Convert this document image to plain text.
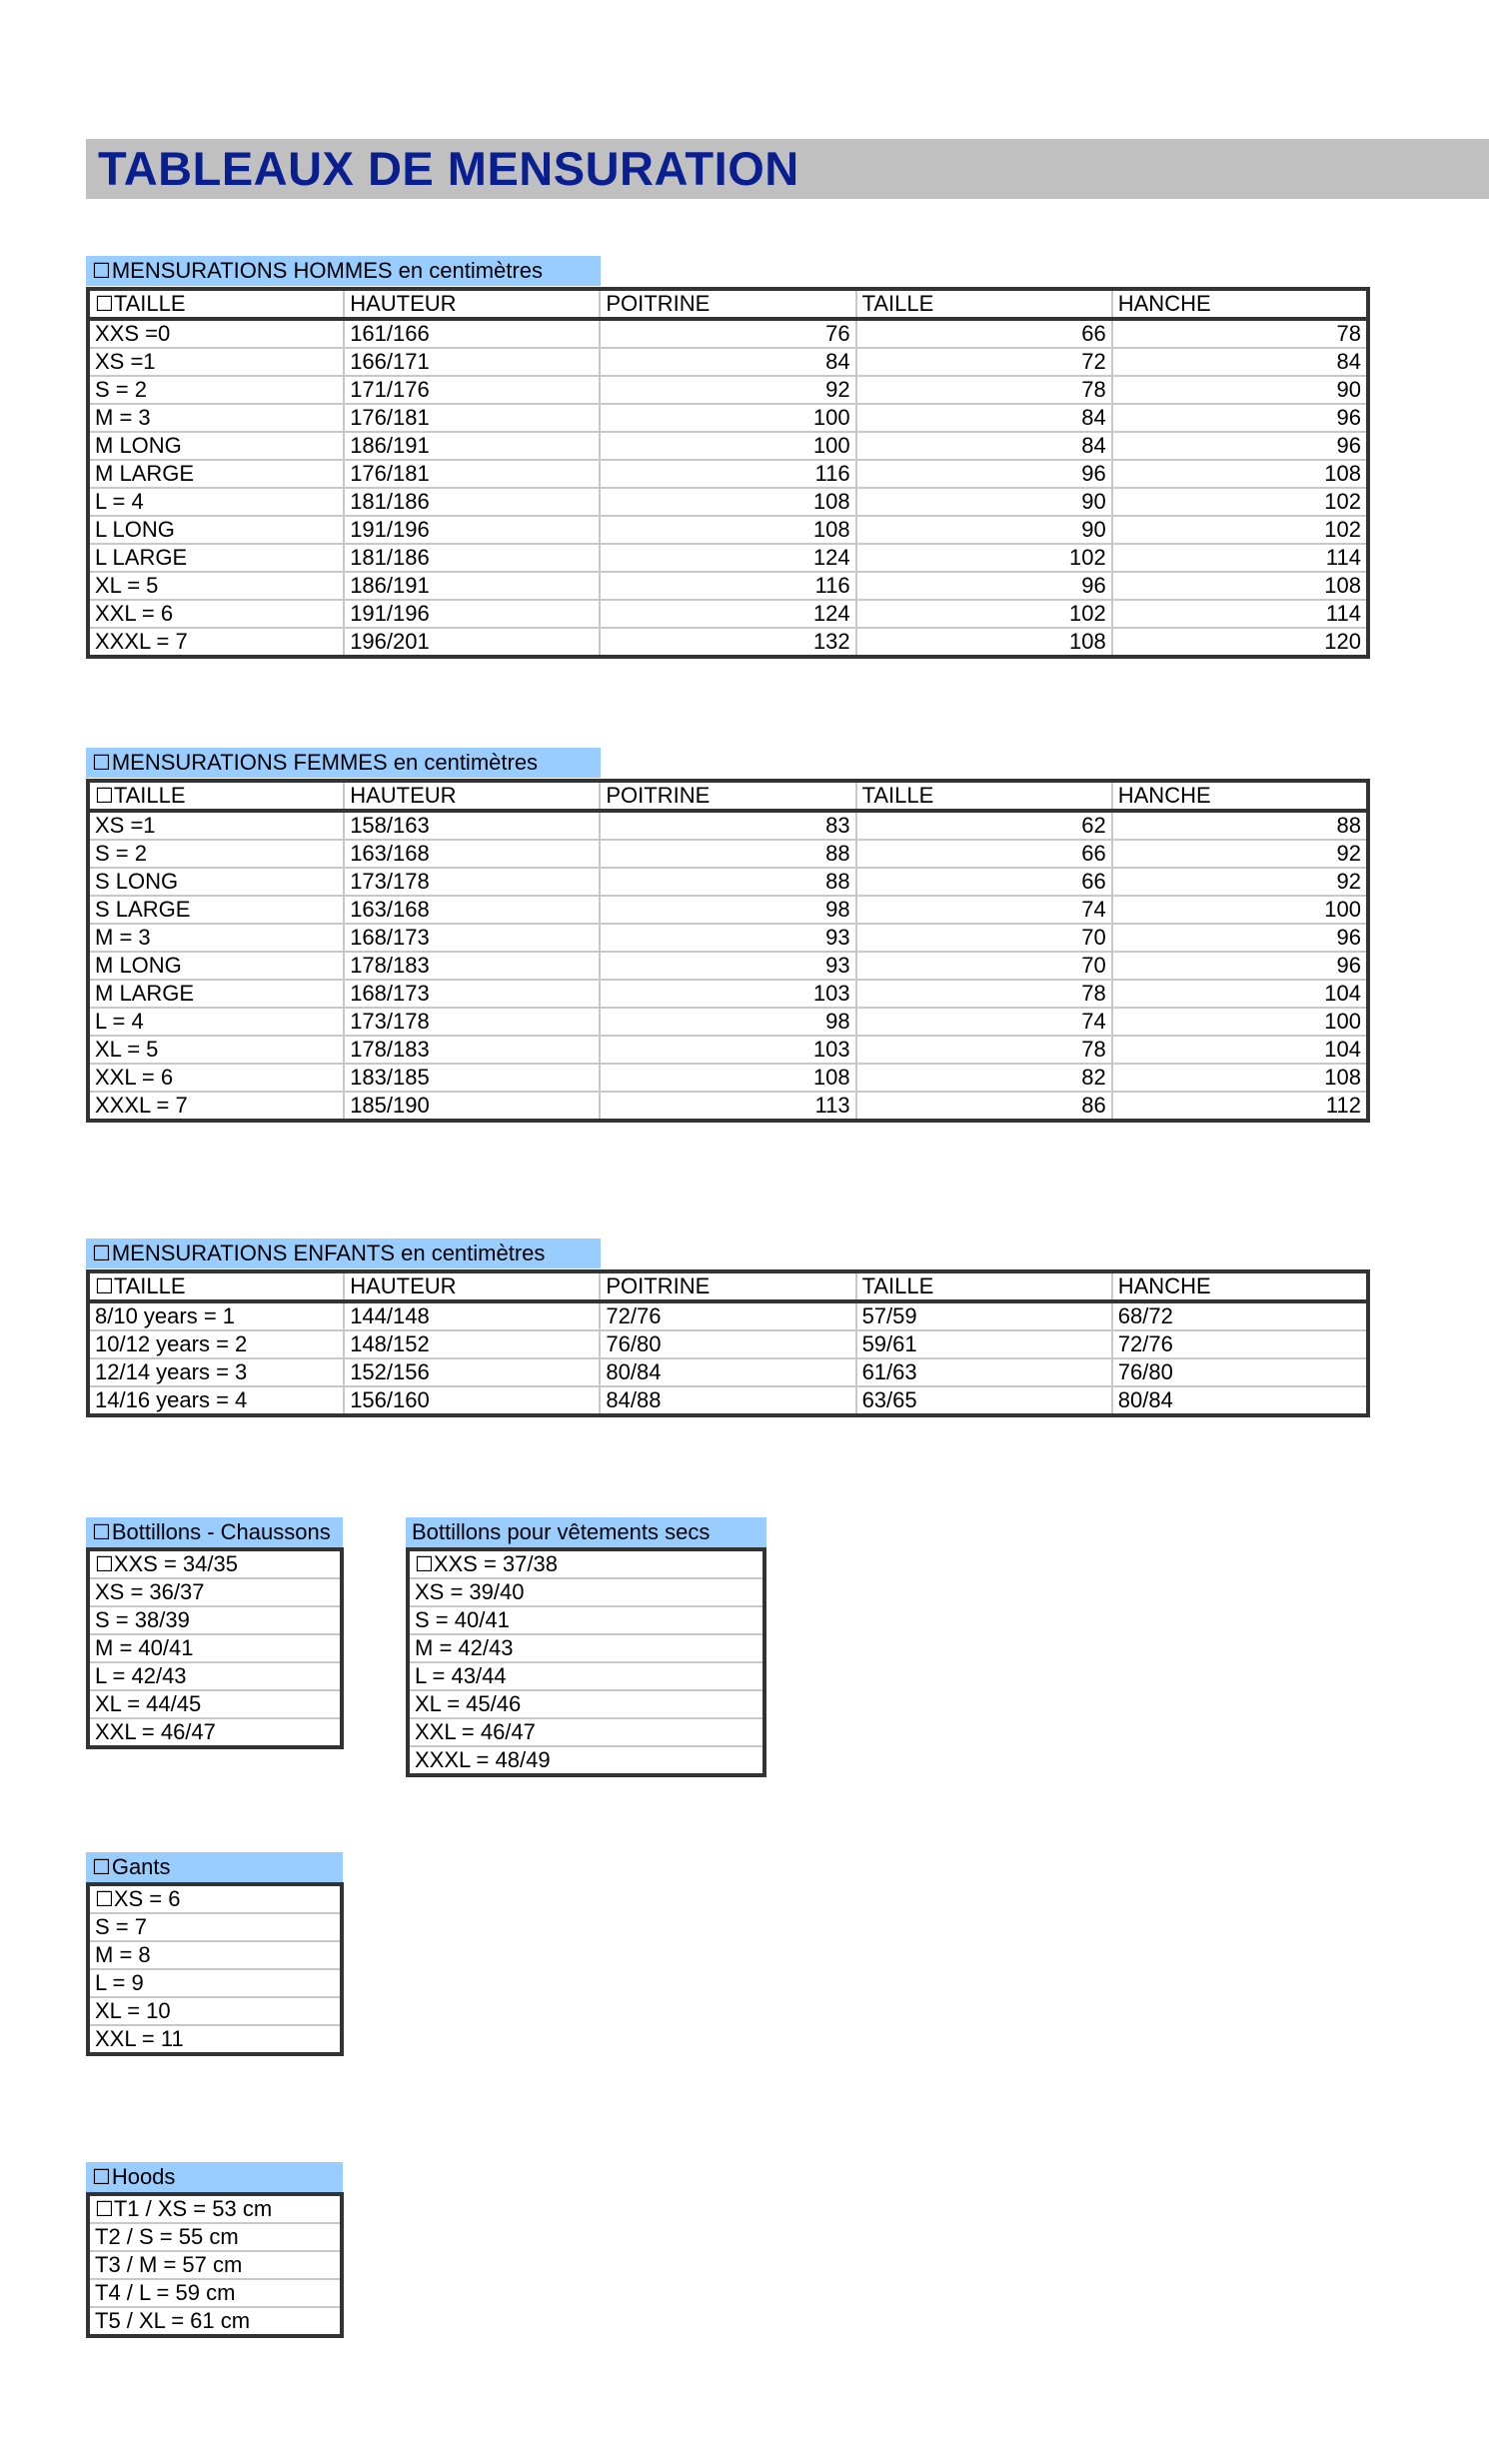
TABLEAUX DE MENSURATION
☐MENSURATIONS HOMMES en centimètres
☐TAILLE	HAUTEUR	POITRINE	TAILLE	HANCHE
XXS =0	161/166	76	66	78
XS =1	166/171	84	72	84
S = 2	171/176	92	78	90
M = 3	176/181	100	84	96
M LONG	186/191	100	84	96
M LARGE	176/181	116	96	108
L = 4	181/186	108	90	102
L LONG	191/196	108	90	102
L LARGE	181/186	124	102	114
XL = 5	186/191	116	96	108
XXL = 6	191/196	124	102	114
XXXL = 7	196/201	132	108	120
☐MENSURATIONS FEMMES en centimètres
☐TAILLE	HAUTEUR	POITRINE	TAILLE	HANCHE
XS =1	158/163	83	62	88
S = 2	163/168	88	66	92
S LONG	173/178	88	66	92
S LARGE	163/168	98	74	100
M = 3	168/173	93	70	96
M LONG	178/183	93	70	96
M LARGE	168/173	103	78	104
L = 4	173/178	98	74	100
XL = 5	178/183	103	78	104
XXL = 6	183/185	108	82	108
XXXL = 7	185/190	113	86	112
☐MENSURATIONS ENFANTS en centimètres
☐TAILLE	HAUTEUR	POITRINE	TAILLE	HANCHE
8/10 years = 1	144/148	72/76	57/59	68/72
10/12 years = 2	148/152	76/80	59/61	72/76
12/14 years = 3	152/156	80/84	61/63	76/80
14/16 years = 4	156/160	84/88	63/65	80/84
☐Bottillons - Chaussons
☐XXS = 34/35
XS = 36/37
S = 38/39
M = 40/41
L = 42/43
XL = 44/45
XXL = 46/47
Bottillons pour vêtements secs
☐XXS = 37/38
XS = 39/40
S = 40/41
M = 42/43
L = 43/44
XL = 45/46
XXL = 46/47
XXXL = 48/49
☐Gants
☐XS = 6
S = 7
M = 8
L = 9
XL = 10
XXL = 11
☐Hoods
☐T1 / XS = 53 cm
T2 / S = 55 cm
T3 / M = 57 cm
T4 / L = 59 cm
T5 / XL = 61 cm
